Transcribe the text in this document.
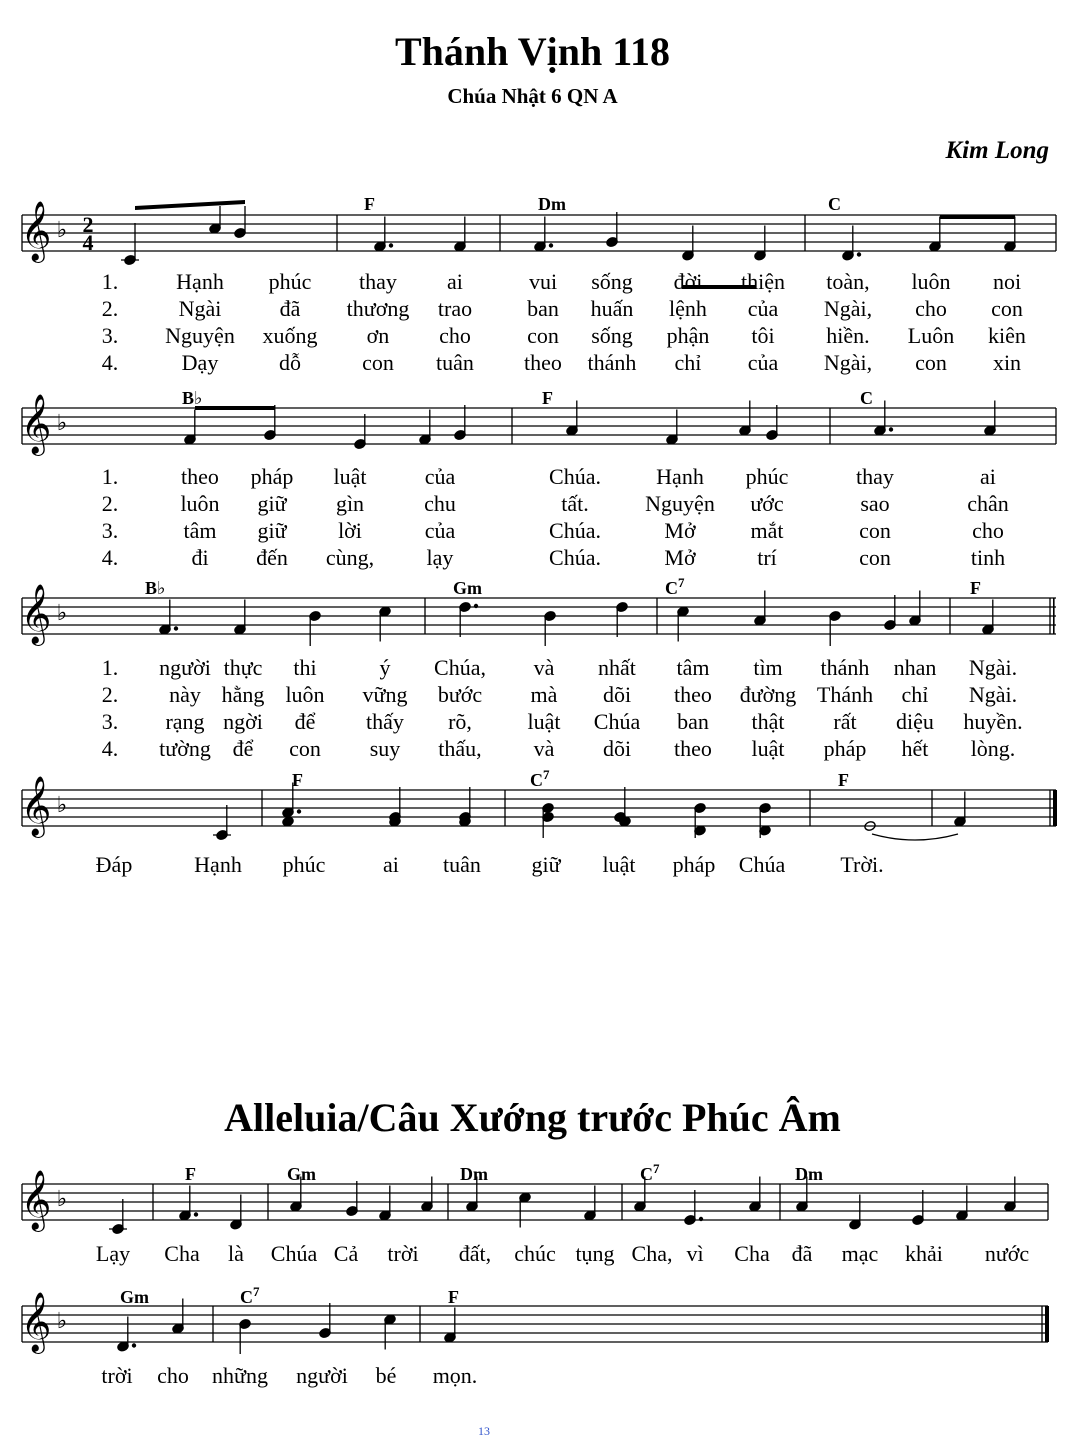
Thánh Vịnh 118
Chúa Nhật 6 QN A
Kim Long
Alleluia/Câu Xướng trước Phúc Âm
13
𝄞 ♭ 2
4
F	Dm	C
1.	Hạnh phúc thay ai	vui sống đời thiện toàn, luôn noi
2.	Ngài	đã thương trao	ban huấn lệnh của Ngài, cho con
3. Nguyện xuống ơn cho	con sống phận tôi hiền. Luôn kiên
4.	Dạy	dỗ	con tuân theo thánh chỉ của Ngài, con xin
𝄞 ♭
B♭	F	C
1.	theo pháp luật	của	Chúa.	Hạnh phúc	thay	ai
2.	luôn giữ gìn	chu	tất.	Nguyện ước	sao	chân
3.	tâm giữ lời	của	Chúa.	Mở mắt	con	cho
4.	đi đến cùng, lạy	Chúa.	Mở	trí	con	tinh
𝄞 ♭
B♭	Gm	$C^7$	F
1. người thực thi	ý Chúa, và nhất tâm tìm thánh nhan Ngài.
2. này hằng luôn vững bước mà dõi theo đường Thánh chỉ Ngài.
3. rạng ngời để thấy rõ,	luật Chúa ban thật rất diệu huyền.
4. tường để con suy thấu, và dõi theo luật pháp hết lòng.
𝄞 ♭
F	$C^7$	F
Đáp	Hạnh phúc	ai tuân giữ luật pháp Chúa	Trời.
𝄞 ♭
F	Gm	Dm	$C^7$	Dm
Lạy Cha là Chúa Cả trời đất, chúc tụng Cha, vì Cha đã mạc khải nước
𝄞 ♭
Gm	$C^7$	F
trời cho những người bé mọn.
